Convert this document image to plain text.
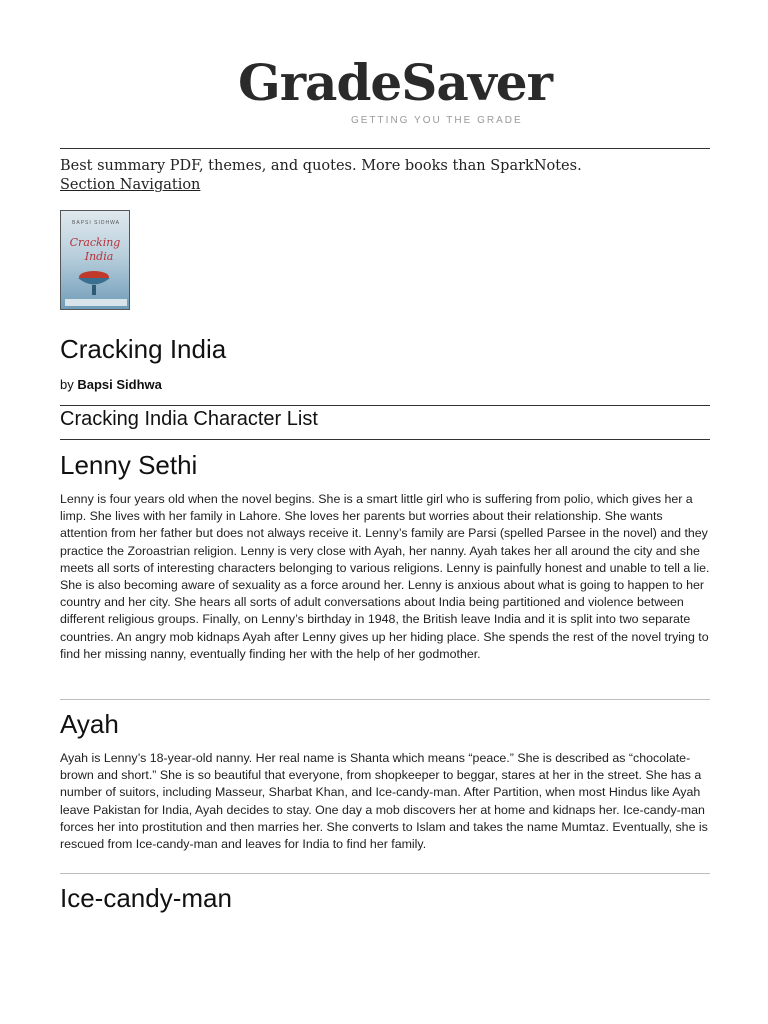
GradeSaver
GETTING YOU THE GRADE
Best summary PDF, themes, and quotes. More books than SparkNotes.
Section Navigation
BAPSI SIDHWA
Cracking
India
Cracking India
by Bapsi Sidhwa
Cracking India Character List
Lenny Sethi

Lenny is four years old when the novel begins. She is a smart little girl who is suffering from polio, which gives her a limp. She lives with her family in Lahore. She loves her parents but worries about their relationship. She wants attention from her father but does not always receive it. Lenny’s family are Parsi (spelled Parsee in the novel) and they practice the Zoroastrian religion. Lenny is very close with Ayah, her nanny. Ayah takes her all around the city and she meets all sorts of interesting characters belonging to various religions. Lenny is painfully honest and unable to tell a lie. She is also becoming aware of sexuality as a force around her. Lenny is anxious about what is going to happen to her country and her city. She hears all sorts of adult conversations about India being partitioned and violence between different religious groups. Finally, on Lenny’s birthday in 1948, the British leave India and it is split into two separate countries. An angry mob kidnaps Ayah after Lenny gives up her hiding place. She spends the rest of the novel trying to find her missing nanny, eventually finding her with the help of her godmother.

Ayah

Ayah is Lenny’s 18-year-old nanny. Her real name is Shanta which means “peace.” She is described as “chocolate-brown and short.” She is so beautiful that everyone, from shopkeeper to beggar, stares at her in the street. She has a number of suitors, including Masseur, Sharbat Khan, and Ice-candy-man. After Partition, when most Hindus like Ayah leave Pakistan for India, Ayah decides to stay. One day a mob discovers her at home and kidnaps her. Ice-candy-man forces her into prostitution and then marries her. She converts to Islam and takes the name Mumtaz. Eventually, she is rescued from Ice-candy-man and leaves for India to find her family.

Ice-candy-man
